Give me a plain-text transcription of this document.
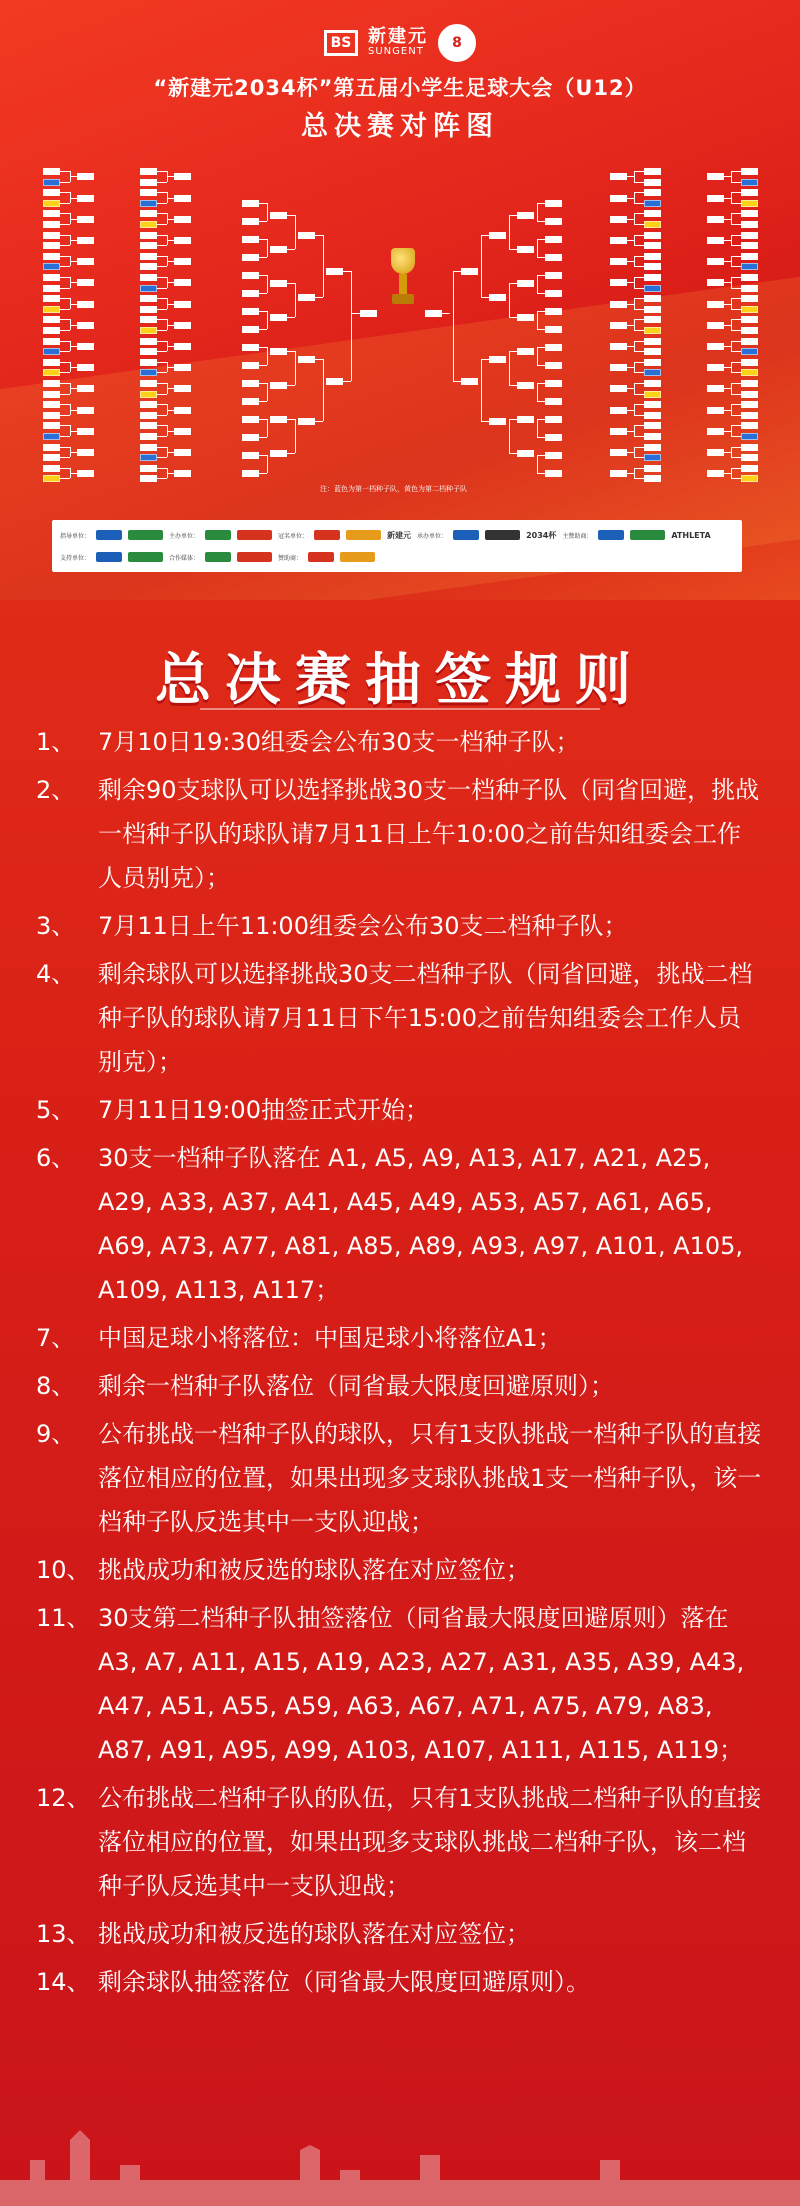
BS 新建元
SUNGENT
8
“新建元2034杯”第五届小学生足球大会（U12）
总决赛对阵图
注：蓝色为第一档种子队，黄色为第二档种子队
指导单位：	主办单位：	冠名单位：	新建元 承办单位：	2034杯 主赞助商：	ATHLETA
支持单位：	合作媒体：	赞助商：
总决赛抽签规则
1、 7月10日19:30组委会公布30支一档种子队；
2、 剩余90支球队可以选择挑战30支一档种子队（同省回避，挑战一档种子队的球队请7月11日上午10:00之前告知组委会工作人员别克）；
3、 7月11日上午11:00组委会公布30支二档种子队；
4、 剩余球队可以选择挑战30支二档种子队（同省回避，挑战二档种子队的球队请7月11日下午15:00之前告知组委会工作人员别克）；
5、 7月11日19:00抽签正式开始；
6、 30支一档种子队落在 A1, A5, A9, A13, A17, A21, A25, A29, A33, A37, A41, A45, A49, A53, A57, A61, A65, A69, A73, A77, A81, A85, A89, A93, A97, A101, A105, A109, A113, A117；
7、 中国足球小将落位：中国足球小将落位A1；
8、 剩余一档种子队落位（同省最大限度回避原则）；
9、 公布挑战一档种子队的球队，只有1支队挑战一档种子队的直接落位相应的位置，如果出现多支球队挑战1支一档种子队，该一档种子队反选其中一支队迎战；
10、 挑战成功和被反选的球队落在对应签位；
11、 30支第二档种子队抽签落位（同省最大限度回避原则）落在 A3, A7, A11, A15, A19, A23, A27, A31, A35, A39, A43, A47, A51, A55, A59, A63, A67, A71, A75, A79, A83, A87, A91, A95, A99, A103, A107, A111, A115, A119；
12、 公布挑战二档种子队的队伍，只有1支队挑战二档种子队的直接落位相应的位置，如果出现多支球队挑战二档种子队，该二档种子队反选其中一支队迎战；
13、 挑战成功和被反选的球队落在对应签位；
14、 剩余球队抽签落位（同省最大限度回避原则）。
